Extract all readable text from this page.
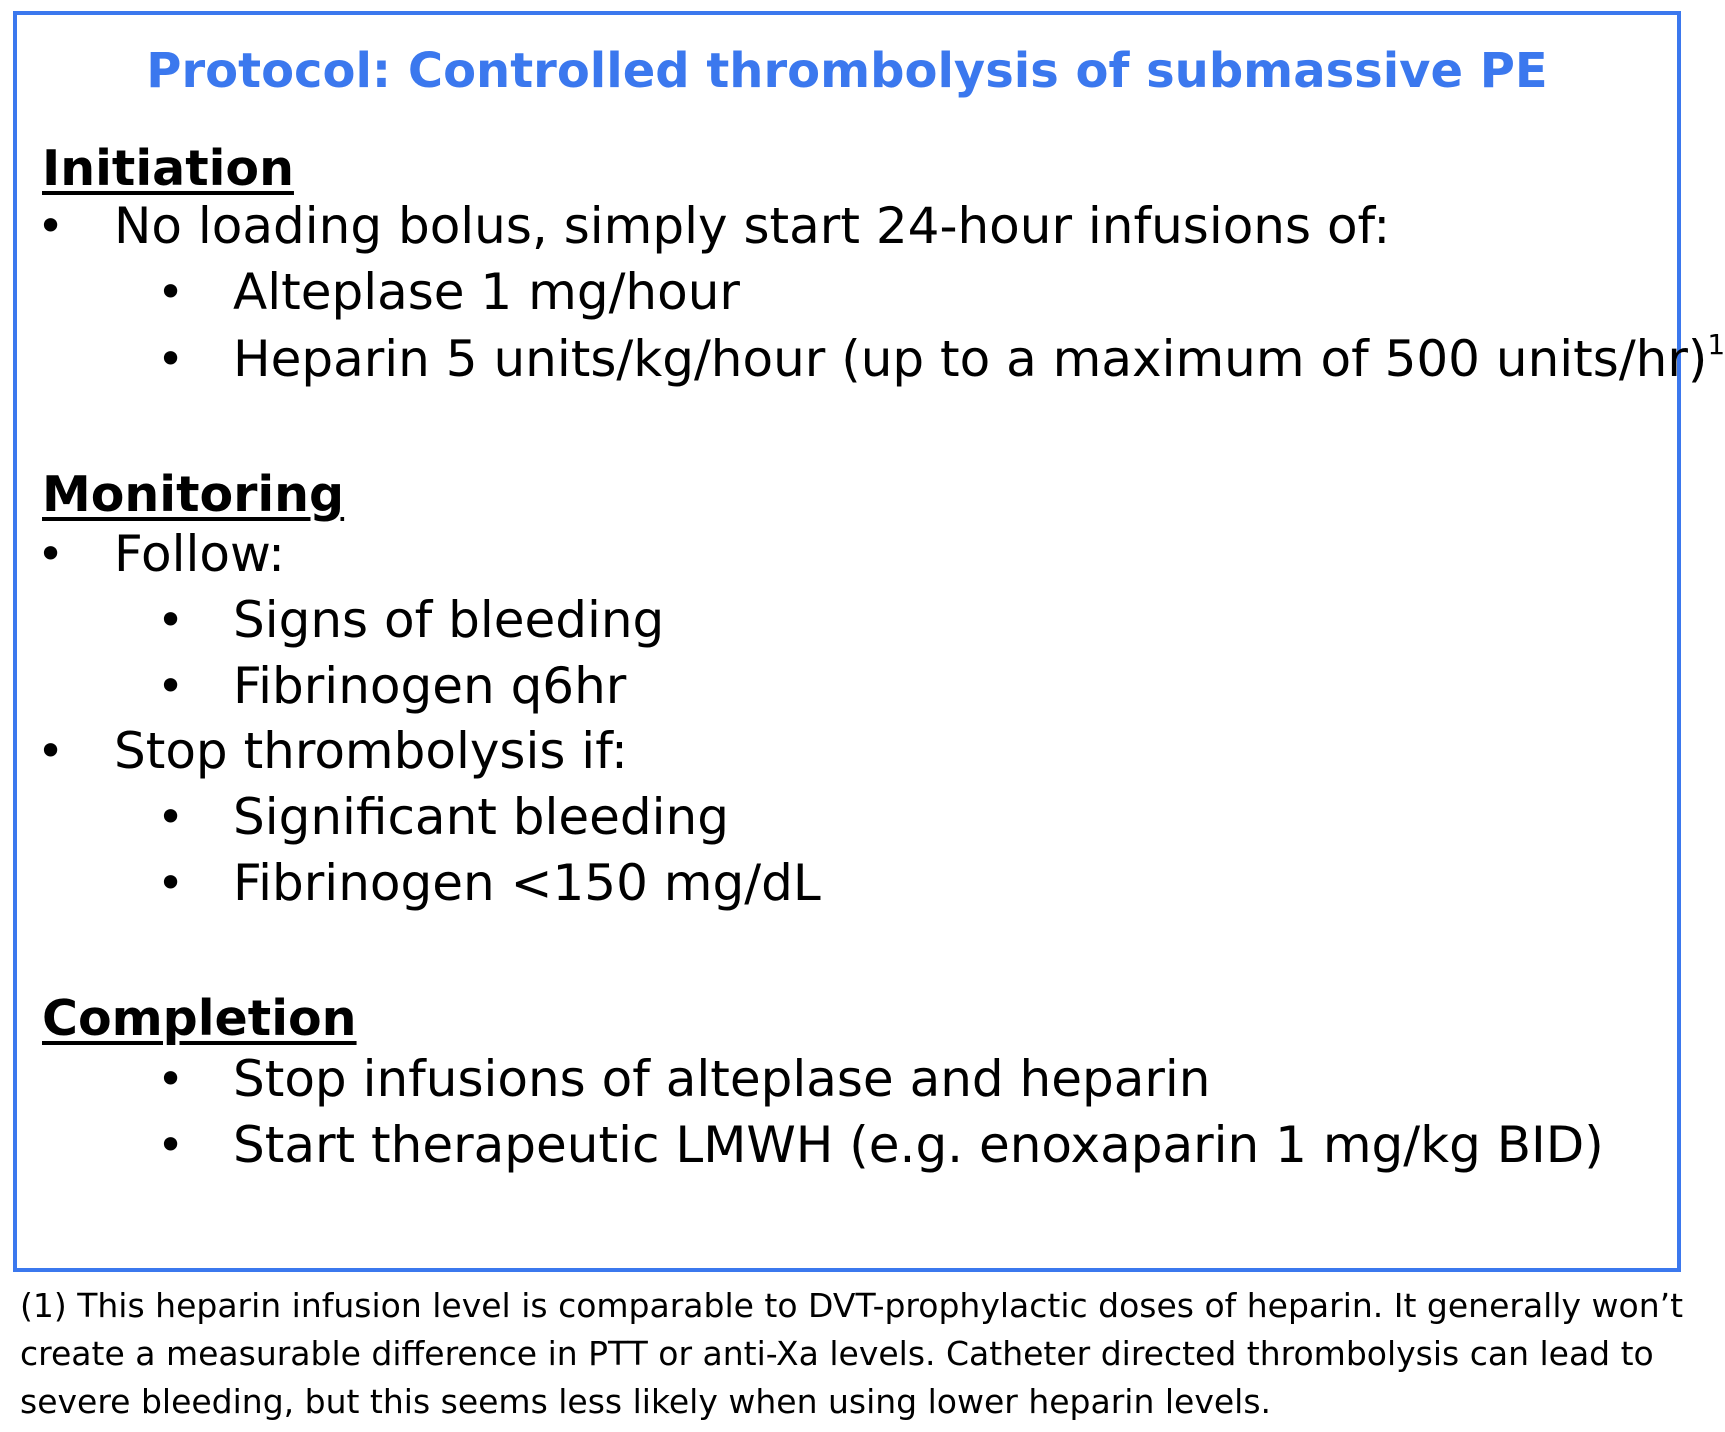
Protocol: Controlled thrombolysis of submassive PE
Initiation
• No loading bolus, simply start 24-hour infusions of:
• Alteplase 1 mg/hour
• Heparin 5 units/kg/hour (up to a maximum of 500 units/hr)$^1$
Monitoring
• Follow:
• Signs of bleeding
• Fibrinogen q6hr
• Stop thrombolysis if:
• Significant bleeding
• Fibrinogen <150 mg/dL
Completion
• Stop infusions of alteplase and heparin
• Start therapeutic LMWH (e.g. enoxaparin 1 mg/kg BID)

(1) This heparin infusion level is comparable to DVT-prophylactic doses of heparin. It generally won’t

create a measurable difference in PTT or anti-Xa levels. Catheter directed thrombolysis can lead to

severe bleeding, but this seems less likely when using lower heparin levels.
